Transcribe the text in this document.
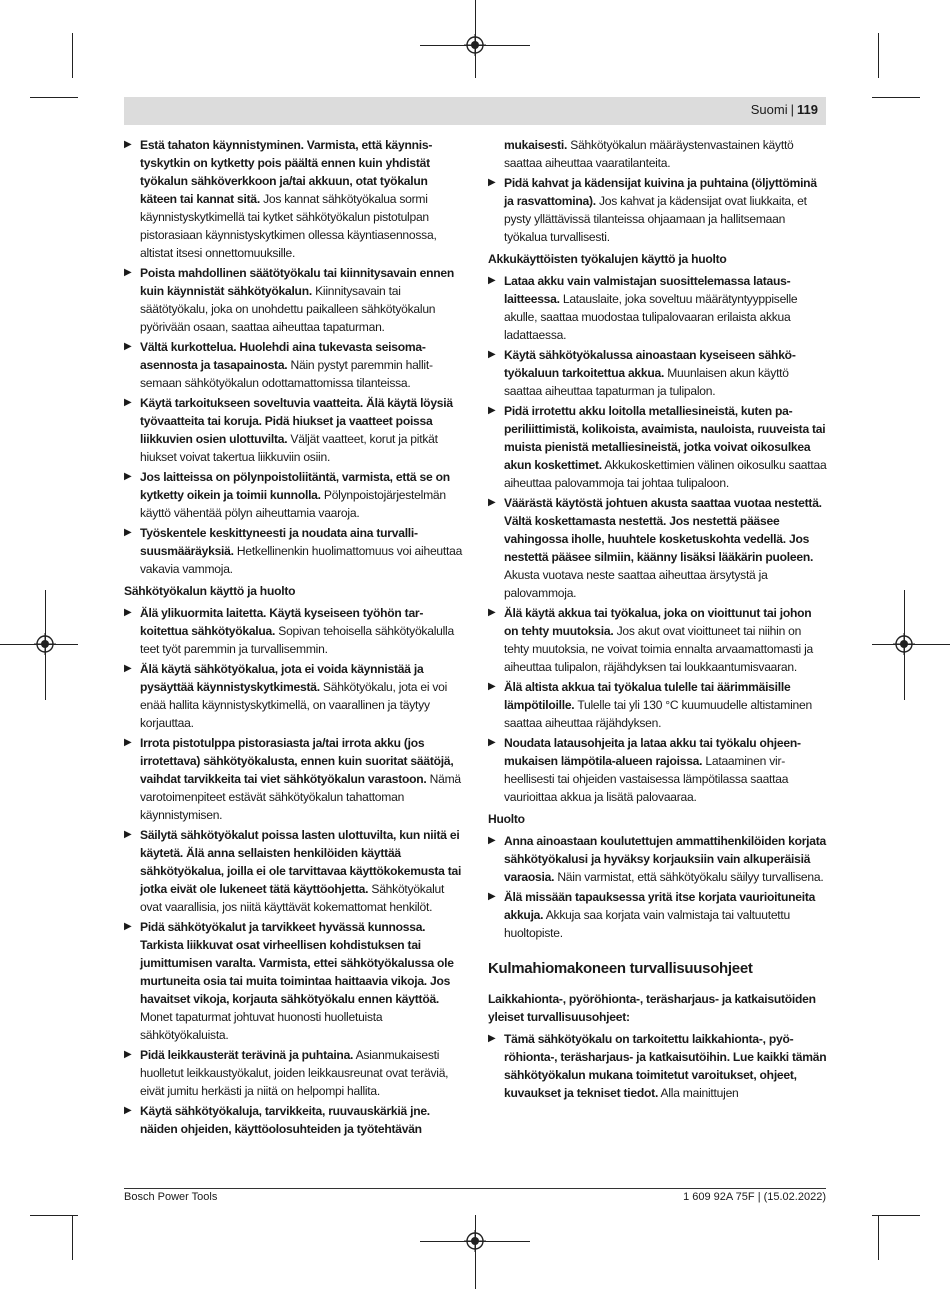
Suomi | 119
▶ Estä tahaton käynnistyminen. Varmista, että käynnistyskytkin on kytketty pois päältä ennen kuin yhdistät työkalun sähköverkkoon ja/tai akkuun, otat työkalun käteen tai kannat sitä. Jos kannat sähkötyökalua sormi käynnistyskytkimellä tai kytket sähkötyökalun pistotulpan pistorasiaan käynnistyskytkimen ollessa käyntiasennossa, altistat itsesi onnettomuuksille.
▶ Poista mahdollinen säätötyökalu tai kiinnitysavain ennen kuin käynnistät sähkötyökalun. Kiinnitysavain tai säätötyökalu, joka on unohdettu paikalleen sähkötyökalun pyörivään osaan, saattaa aiheuttaa tapaturman.
▶ Vältä kurkottelua. Huolehdi aina tukevasta seisomaasennosta ja tasapainosta. Näin pystyt paremmin hallitsemaan sähkötyökalun odottamattomissa tilanteissa.
▶ Käytä tarkoitukseen soveltuvia vaatteita. Älä käytä löysiä työvaatteita tai koruja. Pidä hiukset ja vaatteet poissa liikkuvien osien ulottuvilta. Väljät vaatteet, korut ja pitkät hiukset voivat takertua liikkuviin osiin.
▶ Jos laitteissa on pölynpoistoliitäntä, varmista, että se on kytketty oikein ja toimii kunnolla. Pölynpoistojärjestelmän käyttö vähentää pölyn aiheuttamia vaaroja.
▶ Työskentele keskittyneesti ja noudata aina turvallisuusmääräyksiä. Hetkellinenkin huolimattomuus voi aiheuttaa vakavia vammoja.
Sähkötyökalun käyttö ja huolto
▶ Älä ylikuormita laitetta. Käytä kyseiseen työhön tarkoitettua sähkötyökalua. Sopivan tehoisella sähkötyökalulla teet työt paremmin ja turvallisemmin.
▶ Älä käytä sähkötyökalua, jota ei voida käynnistää ja pysäyttää käynnistyskytkimestä. Sähkötyökalu, jota ei voi enää hallita käynnistyskytkimellä, on vaarallinen ja täytyy korjauttaa.
▶ Irrota pistotulppa pistorasiasta ja/tai irrota akku (jos irrotettava) sähkötyökalusta, ennen kuin suoritat säätöjä, vaihdat tarvikkeita tai viet sähkötyökalun varastoon. Nämä varotoimenpiteet estävät sähkötyökalun tahattoman käynnistymisen.
▶ Säilytä sähkötyökalut poissa lasten ulottuvilta, kun niitä ei käytetä. Älä anna sellaisten henkilöiden käyttää sähkötyökalua, joilla ei ole tarvittavaa käyttökokemusta tai jotka eivät ole lukeneet tätä käyttöohjetta. Sähkötyökalut ovat vaarallisia, jos niitä käyttävät kokemattomat henkilöt.
▶ Pidä sähkötyökalut ja tarvikkeet hyvässä kunnossa. Tarkista liikkuvat osat virheellisen kohdistuksen tai jumittumisen varalta. Varmista, ettei sähkötyökalussa ole murtuneita osia tai muita toimintaa haittaavia vikoja. Jos havaitset vikoja, korjauta sähkötyökalu ennen käyttöä. Monet tapaturmat johtuvat huonosti huolletuista sähkötyökaluista.
▶ Pidä leikkausterät terävinä ja puhtaina. Asianmukaisesti huolletut leikkaustyökalut, joiden leikkausreunat ovat teräviä, eivät jumitu herkästi ja niitä on helpompi hallita.
▶ Käytä sähkötyökaluja, tarvikkeita, ruuvauskärkiä jne. näiden ohjeiden, käyttöolosuhteiden ja työtehtävän
mukaisesti. Sähkötyökalun määräystenvastainen käyttö saattaa aiheuttaa vaaratilanteita.
▶ Pidä kahvat ja kädensijat kuivina ja puhtaina (öljyttöminä ja rasvattomina). Jos kahvat ja kädensijat ovat liukkaita, et pysty yllättävissä tilanteissa ohjaamaan ja hallitsemaan työkalua turvallisesti.
Akkukäyttöisten työkalujen käyttö ja huolto
▶ Lataa akku vain valmistajan suosittelemassa latauslaitteessa. Latauslaite, joka soveltuu määrätyntyyppiselle akulle, saattaa muodostaa tulipalovaaran erilaista akkua ladattaessa.
▶ Käytä sähkötyökalussa ainoastaan kyseiseen sähkötyökaluun tarkoitettua akkua. Muunlaisen akun käyttö saattaa aiheuttaa tapaturman ja tulipalon.
▶ Pidä irrotettu akku loitolla metalliesineistä, kuten paperiliittimistä, kolikoista, avaimista, nauloista, ruuveista tai muista pienistä metalliesineistä, jotka voivat oikosulkea akun koskettimet. Akkukoskettimien välinen oikosulku saattaa aiheuttaa palovammoja tai johtaa tulipaloon.
▶ Väärästä käytöstä johtuen akusta saattaa vuotaa nestettä. Vältä koskettamasta nestettä. Jos nestettä pääsee vahingossa iholle, huuhtele kosketuskohta vedellä. Jos nestettä pääsee silmiin, käänny lisäksi lääkärin puoleen. Akusta vuotava neste saattaa aiheuttaa ärsytystä ja palovammoja.
▶ Älä käytä akkua tai työkalua, joka on vioittunut tai johon on tehty muutoksia. Jos akut ovat vioittuneet tai niihin on tehty muutoksia, ne voivat toimia ennalta arvaamattomasti ja aiheuttaa tulipalon, räjähdyksen tai loukkaantumisvaaran.
▶ Älä altista akkua tai työkalua tulelle tai äärimmäisille lämpötiloille. Tulelle tai yli 130 °C kuumuudelle altistaminen saattaa aiheuttaa räjähdyksen.
▶ Noudata latausohjeita ja lataa akku tai työkalu ohjeenmukaisen lämpötila-alueen rajoissa. Lataaminen virheellisesti tai ohjeiden vastaisessa lämpötilassa saattaa vaurioittaa akkua ja lisätä palovaaraa.
Huolto
▶ Anna ainoastaan koulutettujen ammattihenkilöiden korjata sähkötyökalusi ja hyväksy korjauksiin vain alkuperäisiä varaosia. Näin varmistat, että sähkötyökalu säilyy turvallisena.
▶ Älä missään tapauksessa yritä itse korjata vaurioituneita akkuja. Akkuja saa korjata vain valmistaja tai valtuutettu huoltopiste.
Kulmahiomakoneen turvallisuusohjeet
Laikkahionta-, pyöröhionta-, teräsharjaus- ja katkaisutöiden yleiset turvallisuusohjeet:
▶ Tämä sähkötyökalu on tarkoitettu laikkahionta-, pyöröhionta-, teräsharjaus- ja katkaisutöihin. Lue kaikki tämän sähkötyökalun mukana toimitetut varoitukset, ohjeet, kuvaukset ja tekniset tiedot. Alla mainittujen
Bosch Power Tools	1 609 92A 75F | (15.02.2022)
